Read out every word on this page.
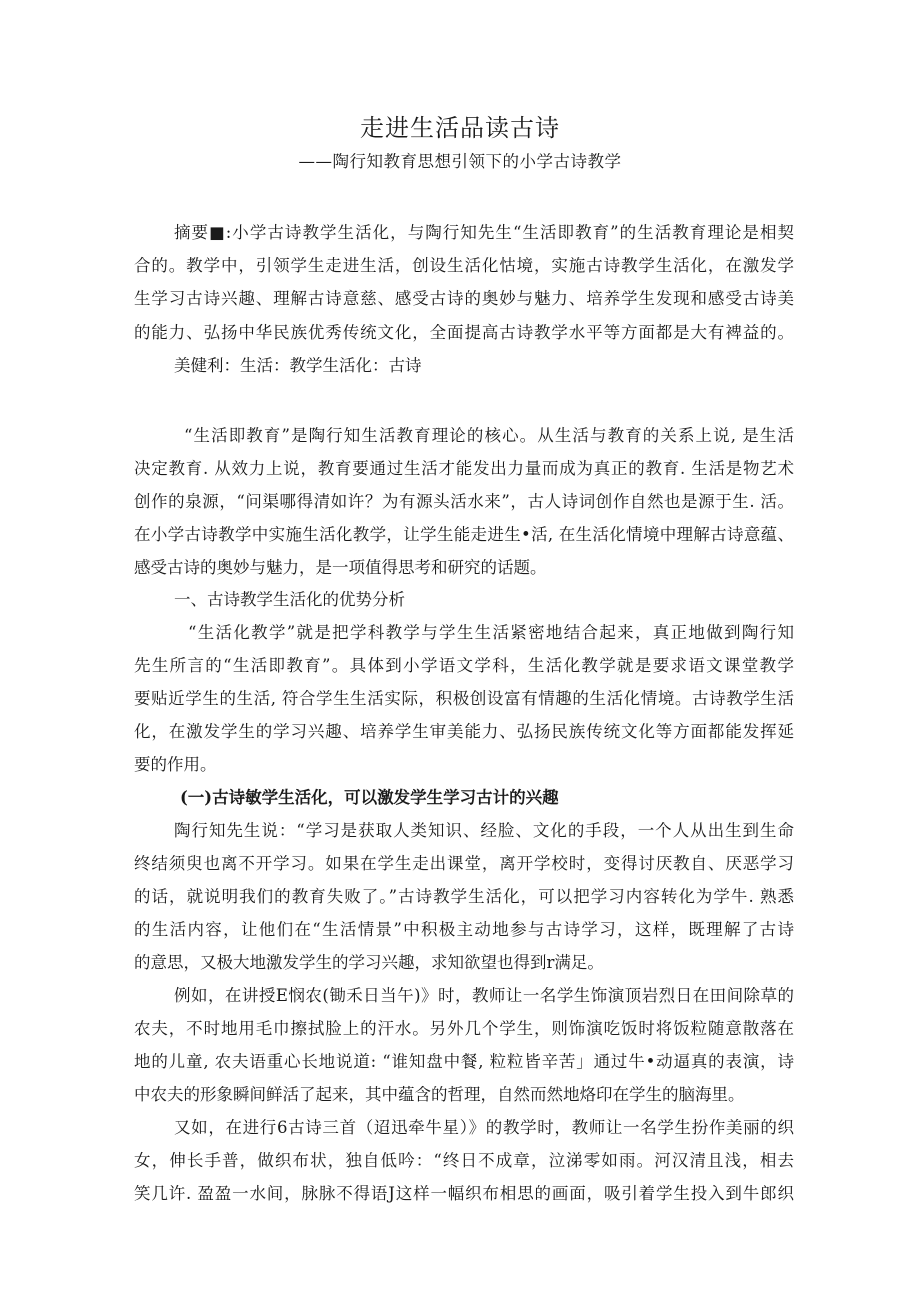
走进生活品读古诗
——陶行知教育思想引领下的小学古诗教学
摘要■:小学古诗教学生活化，与陶行知先生“生活即教育”的生活教育理论是相契
合的。教学中，引领学生走进生活，创设生活化怙境，实施古诗教学生活化，在激发学
生学习古诗兴趣、理解古诗意慈、感受古诗的奥妙与魅力、培养学生发现和感受古诗美
的能力、弘扬中华民族优秀传统文化，全面提高古诗教学水平等方面都是大有裨益的。
美健利：生活：教学生活化：古诗
“生活即教育”是陶行知生活教育理论的核心。从生活与教育的关系上说, 是生活
决定教育. 从效力上说，教育要通过生活才能发出力量而成为真正的教育. 生活是物艺术
创作的泉源，“问渠哪得清如许？为有源头活水来”，古人诗词创作自然也是源于生. 活。
在小学古诗教学中实施生活化教学，让学生能走进生•活, 在生活化情境中理解古诗意蕴、
感受古诗的奥妙与魅力，是一项值得思考和研究的话题。
一、古诗教学生活化的优势分析
“生活化教学”就是把学科教学与学生生活紧密地结合起来，真正地做到陶行知
先生所言的“生活即教育”。具体到小学语文学科，生活化教学就是要求语文课堂教学
要贴近学生的生活, 符合学生生活实际，积极创设富有情趣的生活化情境。古诗教学生活
化，在激发学生的学习兴趣、培养学生审美能力、弘扬民族传统文化等方面都能发挥延
要的作用。
(一)古诗敏学生活化，可以激发学生学习古计的兴趣
陶行知先生说：“学习是获取人类知识、经脸、文化的手段，一个人从出生到生命
终结须臾也离不开学习。如果在学生走出课堂，离开学校时，变得讨厌教自、厌恶学习
的话，就说明我们的教育失败了。”古诗教学生活化，可以把学习内容转化为学牛. 熟悉
的生活内容，让他们在“生活情景”中积极主动地参与古诗学习，这样，既理解了古诗
的意思，又极大地激发学生的学习兴趣，求知欲望也得到r满足。
例如，在讲授E悯农(锄禾日当午)》时，教师让一名学生饰演顶岩烈日在田间除草的
农夫，不时地用毛巾擦拭脸上的汗水。另外几个学生，则饰演吃饭时将饭粒随意散落在
地的儿童, 农夫语重心长地说道: “谁知盘中餐, 粒粒皆辛苦」通过牛•动逼真的表演，诗
中农夫的形象瞬间鲜活了起来，其中蕴含的哲理，自然而然地烙印在学生的脑海里。
又如，在进行6古诗三首（迢迅牵牛星）》的教学时，教师让一名学生扮作美丽的织
女，伸长手普，做织布状，独自低吟：“终日不成章，泣涕零如雨。河汉清且浅，相去
笑几许. 盈盈一水间，脉脉不得语J这样一幅织布相思的画面，吸引着学生投入到牛郎织
